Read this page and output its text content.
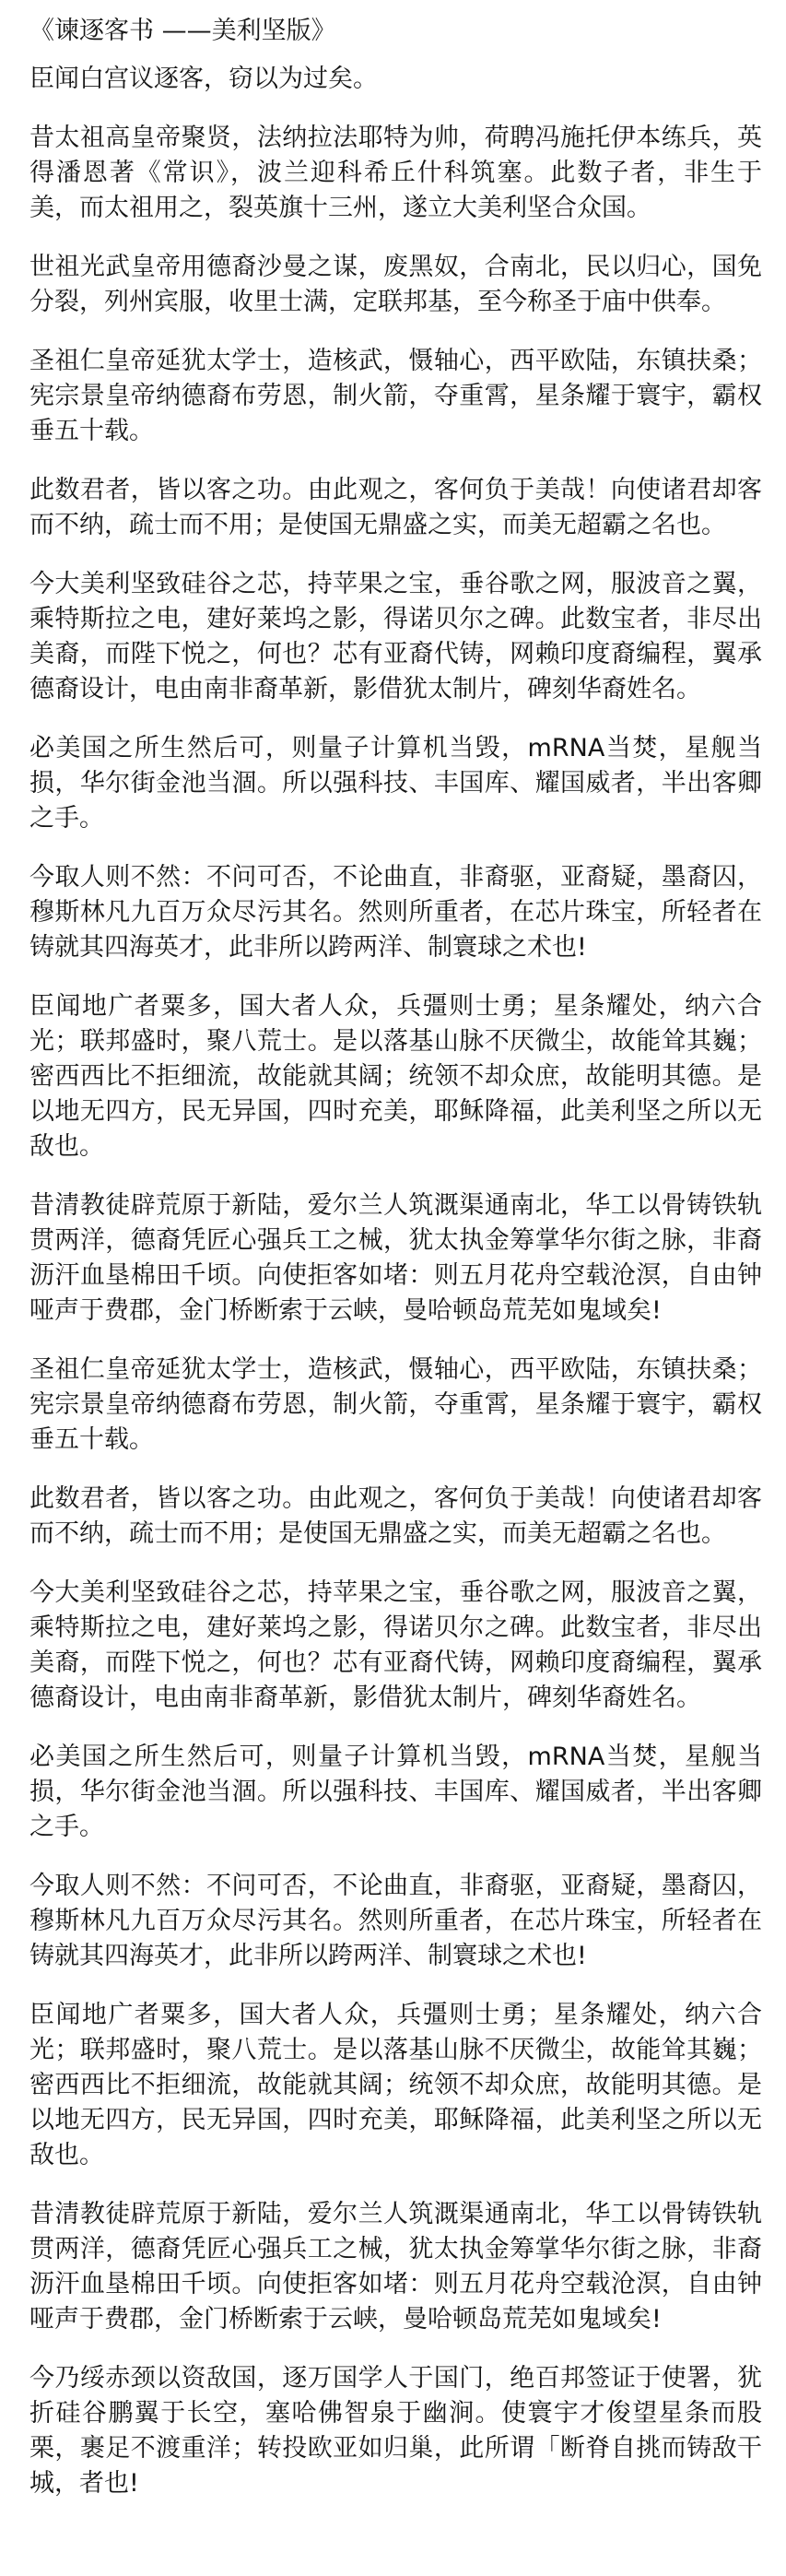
《谏逐客书 ——美利坚版》

臣闻白宫议逐客，窃以为过矣。

昔太祖高皇帝聚贤，法纳拉法耶特为帅，荷聘冯施托伊本练兵，英得潘恩著《常识》，波兰迎科希丘什科筑塞。此数子者，非生于美，而太祖用之，裂英旗十三州，遂立大美利坚合众国。

世祖光武皇帝用德裔沙曼之谋，废黑奴，合南北，民以归心，国免分裂，列州宾服，收里士满，定联邦基，至今称圣于庙中供奉。

圣祖仁皇帝延犹太学士，造核武，慑轴心，西平欧陆，东镇扶桑；宪宗景皇帝纳德裔布劳恩，制火箭，夺重霄，星条耀于寰宇，霸权垂五十载。

此数君者，皆以客之功。由此观之，客何负于美哉！向使诸君却客而不纳，疏士而不用；是使国无鼎盛之实，而美无超霸之名也。

今大美利坚致硅谷之芯，持苹果之宝，垂谷歌之网，服波音之翼，乘特斯拉之电，建好莱坞之影，得诺贝尔之碑。此数宝者，非尽出美裔，而陛下悦之，何也？芯有亚裔代铸，网赖印度裔编程，翼承德裔设计，电由南非裔革新，影借犹太制片，碑刻华裔姓名。

必美国之所生然后可，则量子计算机当毁，mRNA当焚，星舰当损，华尔街金池当涸。所以强科技、丰国库、耀国威者，半出客卿之手。

今取人则不然：不问可否，不论曲直，非裔驱，亚裔疑，墨裔囚，穆斯林凡九百万众尽污其名。然则所重者，在芯片珠宝，所轻者在铸就其四海英才，此非所以跨两洋、制寰球之术也!

臣闻地广者粟多，国大者人众，兵彊则士勇；星条耀处，纳六合光；联邦盛时，聚八荒士。是以落基山脉不厌微尘，故能耸其巍；密西西比不拒细流，故能就其阔；统领不却众庶，故能明其德。是以地无四方，民无异国，四时充美，耶稣降福，此美利坚之所以无敌也。

昔清教徒辟荒原于新陆，爱尔兰人筑溉渠通南北，华工以骨铸铁轨贯两洋，德裔凭匠心强兵工之械，犹太执金筹掌华尔街之脉，非裔沥汗血垦棉田千顷。向使拒客如堵：则五月花舟空载沧溟，自由钟哑声于费郡，金门桥断索于云峡，曼哈顿岛荒芜如鬼域矣!

圣祖仁皇帝延犹太学士，造核武，慑轴心，西平欧陆，东镇扶桑；宪宗景皇帝纳德裔布劳恩，制火箭，夺重霄，星条耀于寰宇，霸权垂五十载。

此数君者，皆以客之功。由此观之，客何负于美哉！向使诸君却客而不纳，疏士而不用；是使国无鼎盛之实，而美无超霸之名也。

今大美利坚致硅谷之芯，持苹果之宝，垂谷歌之网，服波音之翼，乘特斯拉之电，建好莱坞之影，得诺贝尔之碑。此数宝者，非尽出美裔，而陛下悦之，何也？芯有亚裔代铸，网赖印度裔编程，翼承德裔设计，电由南非裔革新，影借犹太制片，碑刻华裔姓名。

必美国之所生然后可，则量子计算机当毁，mRNA当焚，星舰当损，华尔街金池当涸。所以强科技、丰国库、耀国威者，半出客卿之手。

今取人则不然：不问可否，不论曲直，非裔驱，亚裔疑，墨裔囚，穆斯林凡九百万众尽污其名。然则所重者，在芯片珠宝，所轻者在铸就其四海英才，此非所以跨两洋、制寰球之术也!

臣闻地广者粟多，国大者人众，兵彊则士勇；星条耀处，纳六合光；联邦盛时，聚八荒士。是以落基山脉不厌微尘，故能耸其巍；密西西比不拒细流，故能就其阔；统领不却众庶，故能明其德。是以地无四方，民无异国，四时充美，耶稣降福，此美利坚之所以无敌也。

昔清教徒辟荒原于新陆，爱尔兰人筑溉渠通南北，华工以骨铸铁轨贯两洋，德裔凭匠心强兵工之械，犹太执金筹掌华尔街之脉，非裔沥汗血垦棉田千顷。向使拒客如堵：则五月花舟空载沧溟，自由钟哑声于费郡，金门桥断索于云峡，曼哈顿岛荒芜如鬼域矣!

今乃绥赤颈以资敌国，逐万国学人于国门，绝百邦签证于使署，犹折硅谷鹏翼于长空，塞哈佛智泉于幽涧。使寰宇才俊望星条而股栗，裹足不渡重洋；转投欧亚如归巢，此所谓「断脊自挑而铸敌干城，者也!
